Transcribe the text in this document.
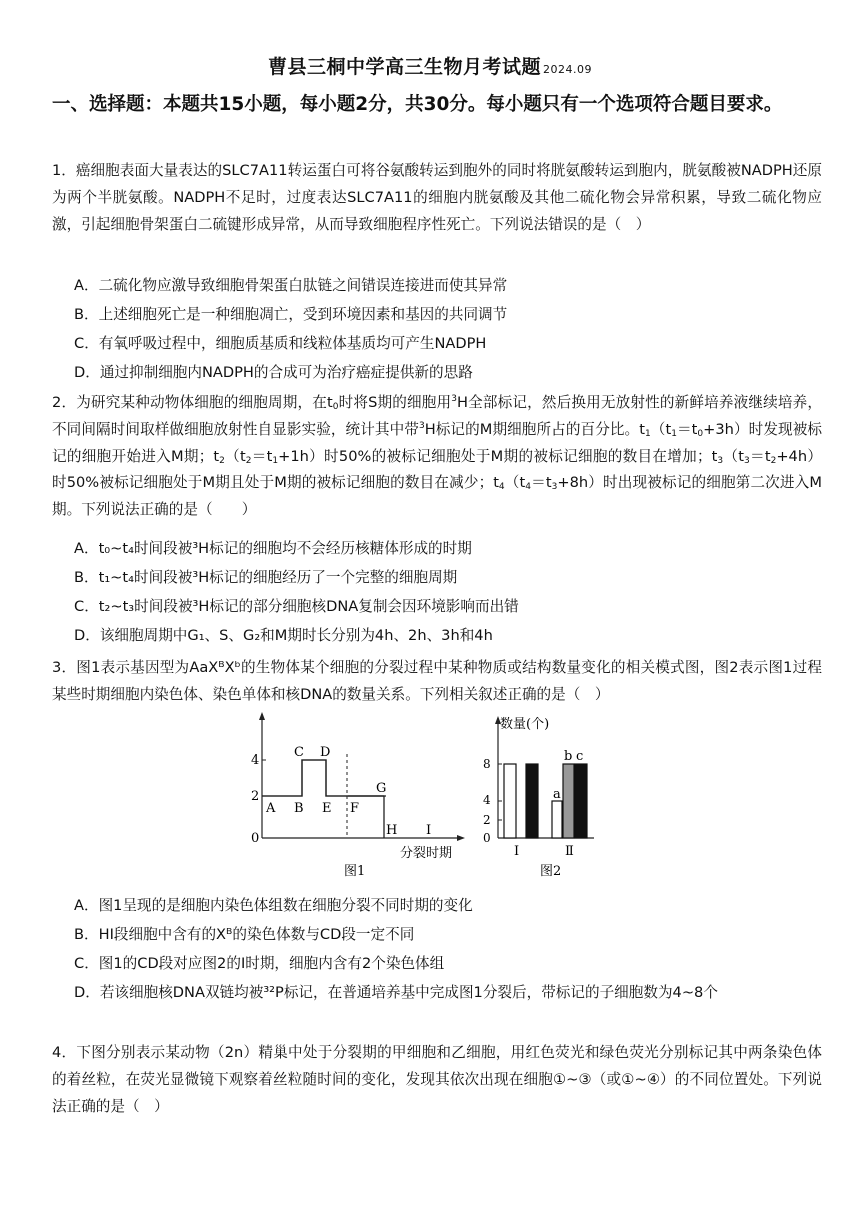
曹县三桐中学高三生物月考试题 2024.09
一、选择题：本题共15小题，每小题2分，共30分。每小题只有一个选项符合题目要求。
1．癌细胞表面大量表达的SLC7A11转运蛋白可将谷氨酸转运到胞外的同时将胱氨酸转运到胞内，胱氨酸被NADPH还原为两个半胱氨酸。NADPH不足时，过度表达SLC7A11的细胞内胱氨酸及其他二硫化物会异常积累，导致二硫化物应激，引起细胞骨架蛋白二硫键形成异常，从而导致细胞程序性死亡。下列说法错误的是（　）
A．二硫化物应激导致细胞骨架蛋白肽链之间错误连接进而使其异常
B．上述细胞死亡是一种细胞凋亡，受到环境因素和基因的共同调节
C．有氧呼吸过程中，细胞质基质和线粒体基质均可产生NADPH
D．通过抑制细胞内NADPH的合成可为治疗癌症提供新的思路
2．为研究某种动物体细胞的细胞周期，在$t_0$时将S期的细胞用$^3$H全部标记，然后换用无放射性的新鲜培养液继续培养，不同间隔时间取样做细胞放射性自显影实验，统计其中带$^3$H标记的M期细胞所占的百分比。$t_1(t_1=t_0+3h)$时发现被标记的细胞开始进入M期；$t_2(t_2=t_1+1h)$时50%的被标记细胞处于M期的被标记细胞的数目在增加；$t_3(t_3=t_2+4h)$时50%被标记细胞处于M期且处于M期的被标记细胞的数目在减少；$t_4(t_4=t_3+8h)$时出现被标记的细胞第二次进入M期。下列说法正确的是（　　）
A．t₀~t₄时间段被³H标记的细胞均不会经历核糖体形成的时期
B．t₁~t₄时间段被³H标记的细胞经历了一个完整的细胞周期
C．t₂~t₃时间段被³H标记的部分细胞核DNA复制会因环境影响而出错
D．该细胞周期中G₁、S、G₂和M期时长分别为4h、2h、3h和4h
3．图1表示基因型为AaXᴮXᵇ的生物体某个细胞的分裂过程中某种物质或结构数量变化的相关模式图，图2表示图1过程某些时期细胞内染色体、染色单体和核DNA的数量关系。下列相关叙述正确的是（　）
0
2
4
A B
C D
E F
G
H I
分裂时期
图1
数量(个)
8
4
2
0
a
b c
Ⅰ	Ⅱ
图2
A．图1呈现的是细胞内染色体组数在细胞分裂不同时期的变化
B．HI段细胞中含有的Xᴮ的染色体数与CD段一定不同
C．图1的CD段对应图2的Ⅰ时期，细胞内含有2个染色体组
D．若该细胞核DNA双链均被³²P标记，在普通培养基中完成图1分裂后，带标记的子细胞数为4~8个
4．下图分别表示某动物（2n）精巢中处于分裂期的甲细胞和乙细胞，用红色荧光和绿色荧光分别标记其中两条染色体的着丝粒，在荧光显微镜下观察着丝粒随时间的变化，发现其依次出现在细胞①~③（或①~④）的不同位置处。下列说法正确的是（　）
